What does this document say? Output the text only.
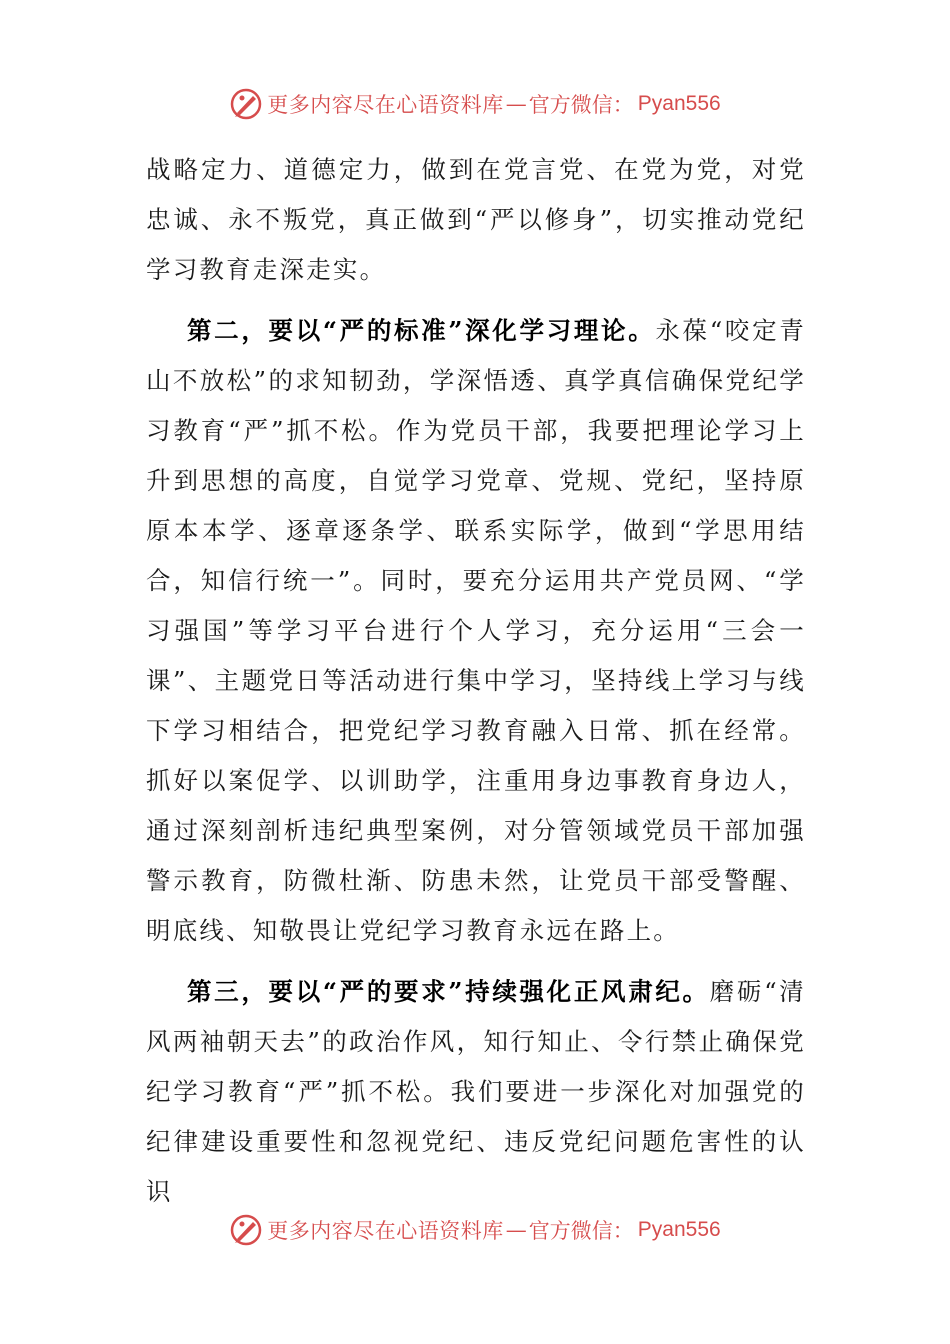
更多内容尽在心语资料库 — 官方微信： Pyan556

战略定力、道德定力，做到在党言党、在党为党，对党忠诚、永不叛党，真正做到“严以修身”，切实推动党纪学习教育走深走实。

第二，要以“严的标准”深化学习理论。永葆“咬定青山不放松”的求知韧劲，学深悟透、真学真信确保党纪学习教育“严”抓不松。作为党员干部，我要把理论学习上升到思想的高度，自觉学习党章、党规、党纪，坚持原原本本学、逐章逐条学、联系实际学，做到“学思用结合，知信行统一”。同时，要充分运用共产党员网、“学习强国”等学习平台进行个人学习，充分运用“三会一课”、主题党日等活动进行集中学习，坚持线上学习与线下学习相结合，把党纪学习教育融入日常、抓在经常。抓好以案促学、以训助学，注重用身边事教育身边人，通过深刻剖析违纪典型案例，对分管领域党员干部加强警示教育，防微杜渐、防患未然，让党员干部受警醒、明底线、知敬畏让党纪学习教育永远在路上。

第三，要以“严的要求”持续强化正风肃纪。磨砺“清风两袖朝天去”的政治作风，知行知止、令行禁止确保党纪学习教育“严”抓不松。我们要进一步深化对加强党的纪律建设重要性和忽视党纪、违反党纪问题危害性的认识

更多内容尽在心语资料库 — 官方微信： Pyan556
